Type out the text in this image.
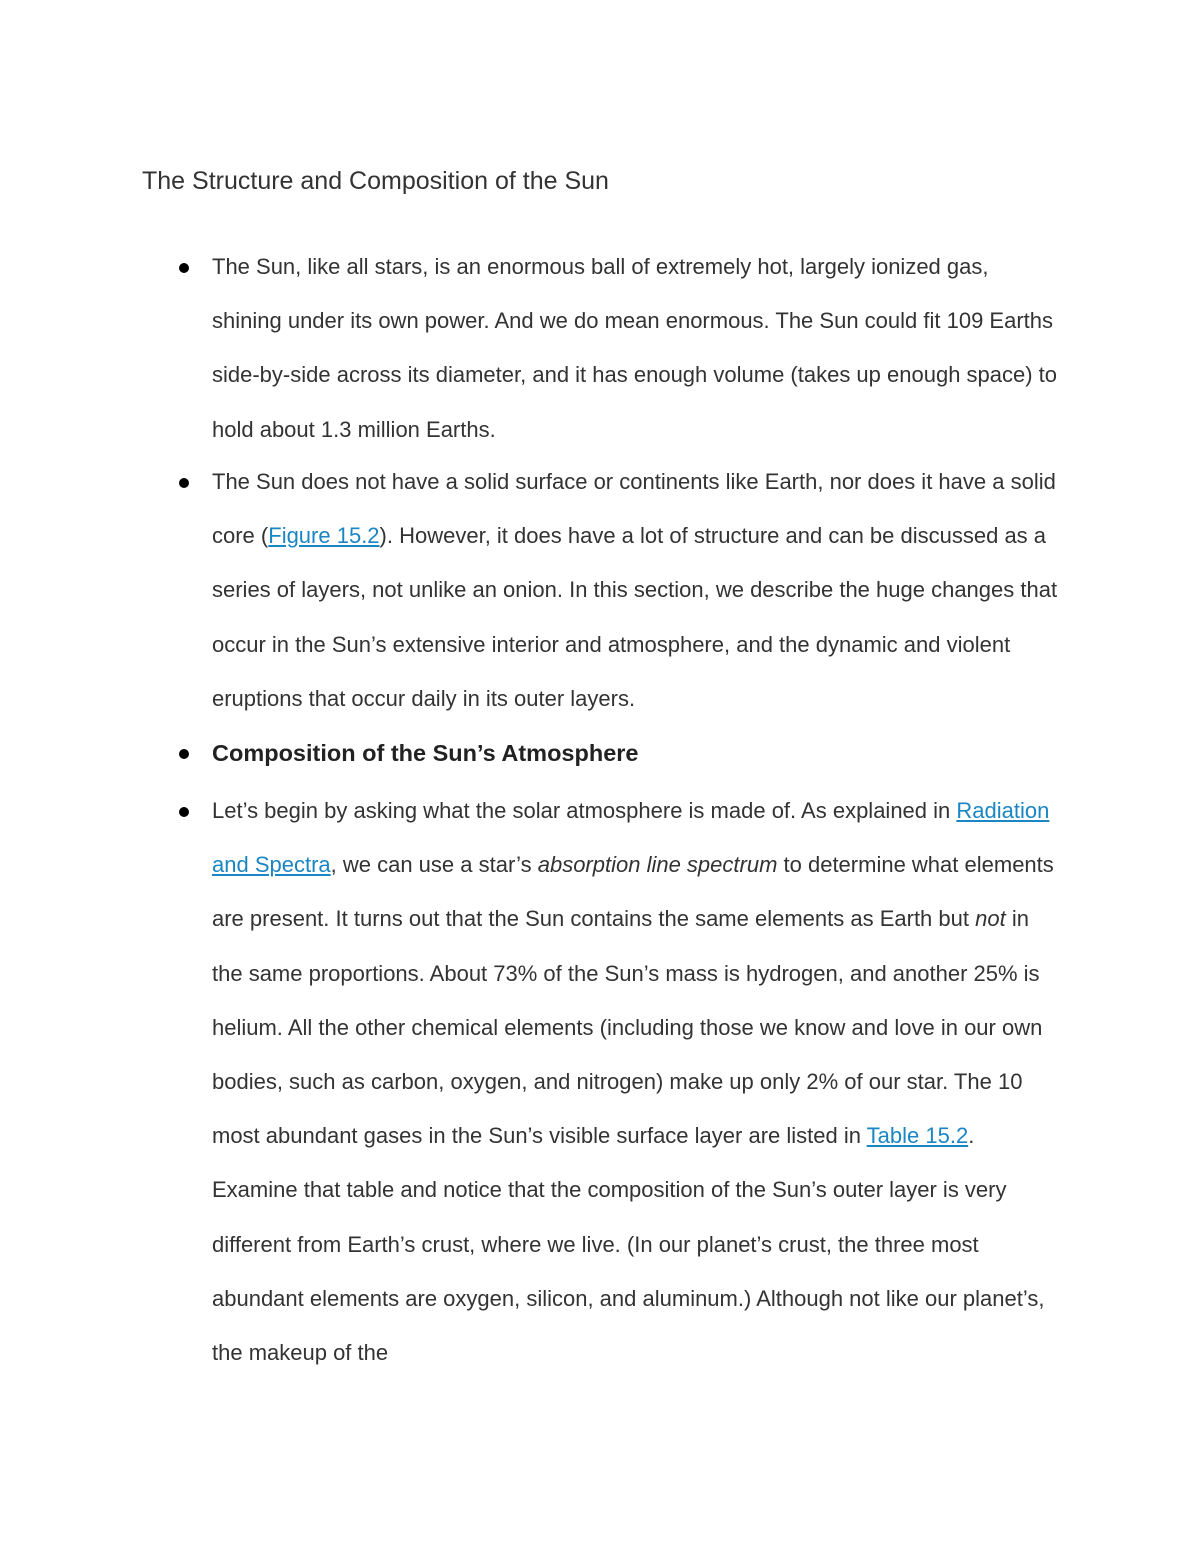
The Structure and Composition of the Sun
The Sun, like all stars, is an enormous ball of extremely hot, largely ionized gas, shining under its own power. And we do mean enormous. The Sun could fit 109 Earths side-by-side across its diameter, and it has enough volume (takes up enough space) to hold about 1.3 million Earths.
The Sun does not have a solid surface or continents like Earth, nor does it have a solid core (Figure 15.2). However, it does have a lot of structure and can be discussed as a series of layers, not unlike an onion. In this section, we describe the huge changes that occur in the Sun’s extensive interior and atmosphere, and the dynamic and violent eruptions that occur daily in its outer layers.
Composition of the Sun’s Atmosphere
Let’s begin by asking what the solar atmosphere is made of. As explained in Radiation and Spectra, we can use a star’s absorption line spectrum to determine what elements are present. It turns out that the Sun contains the same elements as Earth but not in the same proportions. About 73% of the Sun’s mass is hydrogen, and another 25% is helium. All the other chemical elements (including those we know and love in our own bodies, such as carbon, oxygen, and nitrogen) make up only 2% of our star. The 10 most abundant gases in the Sun’s visible surface layer are listed in Table 15.2. Examine that table and notice that the composition of the Sun’s outer layer is very different from Earth’s crust, where we live. (In our planet’s crust, the three most abundant elements are oxygen, silicon, and aluminum.) Although not like our planet’s, the makeup of the
